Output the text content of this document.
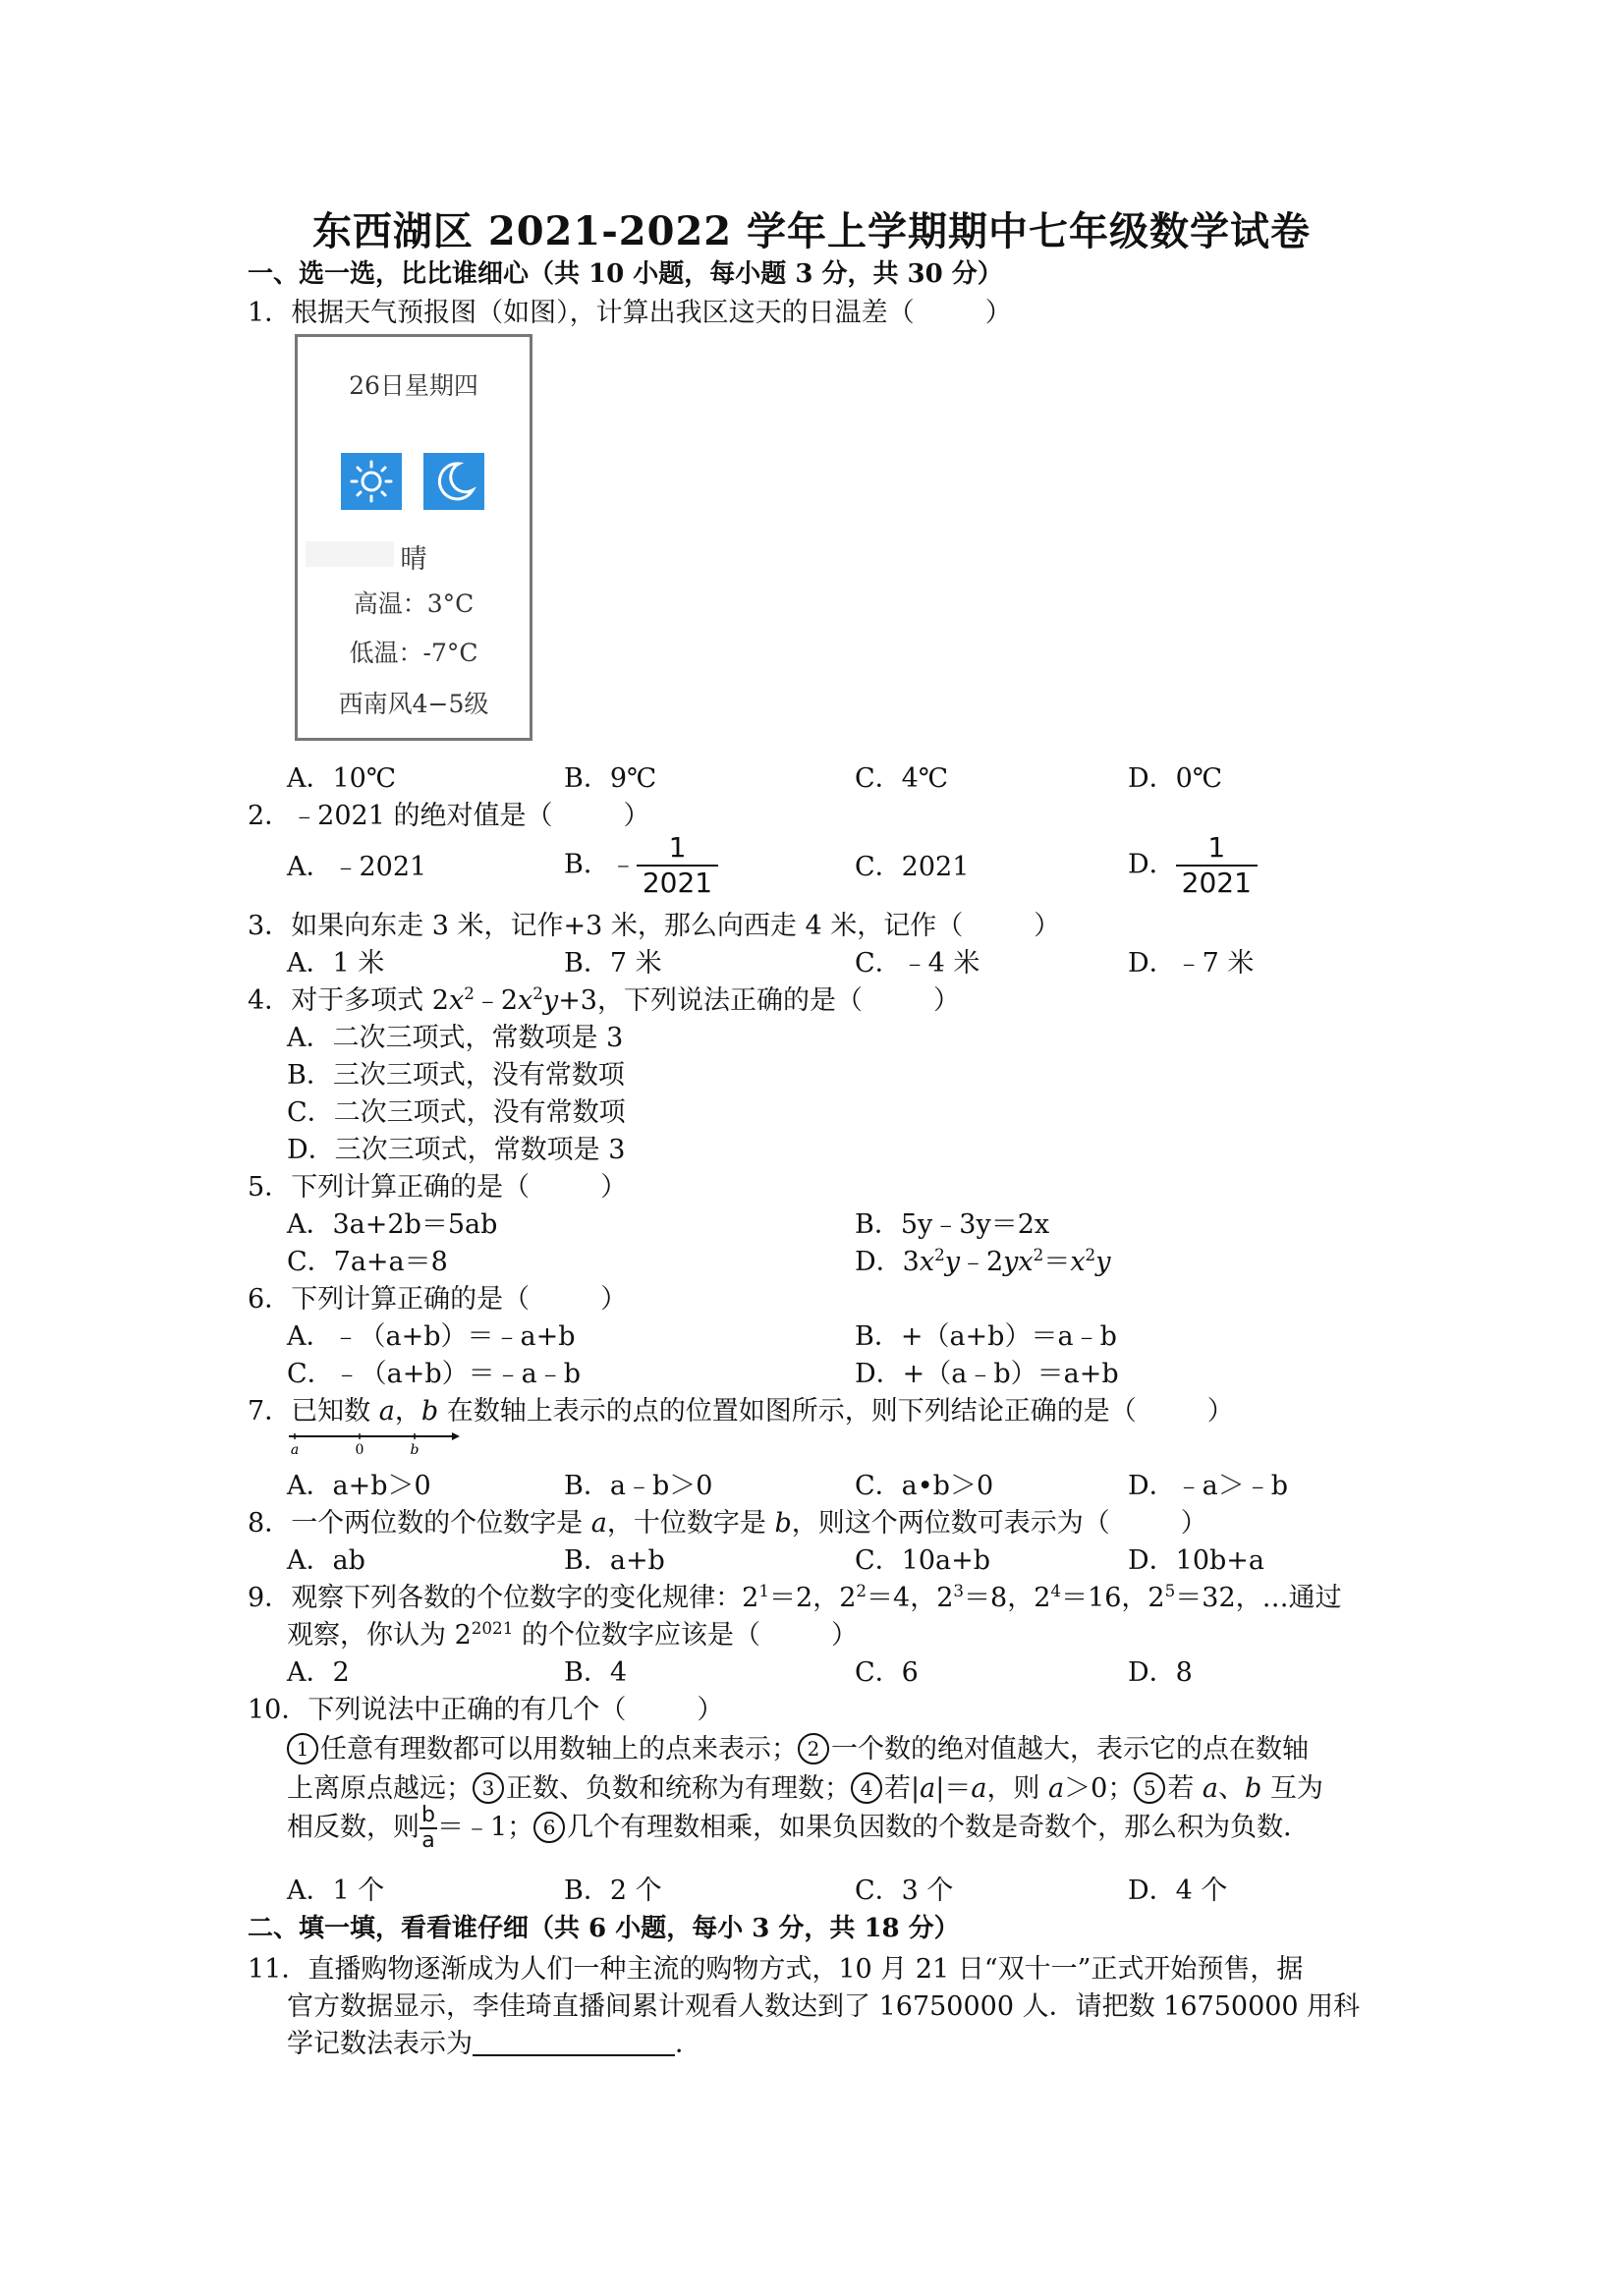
东西湖区 2021-2022 学年上学期期中七年级数学试卷
一、选一选，比比谁细心（共 10 小题，每小题 3 分，共 30 分）
1．根据天气预报图（如图），计算出我区这天的日温差（	）
26日星期四
晴
高温：3°C
低温：-7°C
西南风4−5级
A．10℃	B．9℃	C．4℃	D．0℃
2．﹣2021 的绝对值是（	）
A．﹣2021	B．﹣ $\frac{1}{2021}$	C．2021	D． $\frac{1}{2021}$
3．如果向东走 3 米，记作+3 米，那么向西走 4 米，记作（	）
A．1 米	B．7 米	C．﹣4 米	D．﹣7 米
4．对于多项式 $2x^2﹣2x^2y+3$，下列说法正确的是（	）
A．二次三项式，常数项是 3
B．三次三项式，没有常数项
C．二次三项式，没有常数项
D．三次三项式，常数项是 3
5．下列计算正确的是（	）
A．3a+2b＝5ab	B．5y﹣3y＝2x
C．7a+a＝8	D．$3x^2y﹣2yx^2=x^2y$
6．下列计算正确的是（	）
A．﹣（a+b）＝﹣a+b	B．+（a+b）＝a﹣b
C．﹣（a+b）＝﹣a﹣b	D．+（a﹣b）＝a+b
7．已知数 a，b 在数轴上表示的点的位置如图所示，则下列结论正确的是（	）
a	0	b
A．a+b＞0	B．a﹣b＞0	C．a•b＞0	D．﹣a＞﹣b
8．一个两位数的个位数字是 a，十位数字是 b，则这个两位数可表示为（	）
A．ab	B．a+b	C．10a+b	D．10b+a
9．观察下列各数的个位数字的变化规律：$2^1=2$，$2^2=4$，$2^3=8$，$2^4=16$，$2^5=32$，…通过
观察，你认为 $2^{2021}$ 的个位数字应该是（	）
A．2	B．4	C．6	D．8
10．下列说法中正确的有几个（	）
1 任意有理数都可以用数轴上的点来表示； 2 一个数的绝对值越大，表示它的点在数轴
上离原点越远； 3 正数、负数和统称为有理数； 4 若|a|＝a，则 a＞0； 5 若 a、b 互为
相反数，则 $\frac{b}{a}$ ＝﹣1； 6 几个有理数相乘，如果负因数的个数是奇数个，那么积为负数．
A．1 个	B．2 个	C．3 个	D．4 个
二、填一填，看看谁仔细（共 6 小题，每小 3 分，共 18 分）
11．直播购物逐渐成为人们一种主流的购物方式，10 月 21 日“双十一”正式开始预售，据
官方数据显示，李佳琦直播间累计观看人数达到了 16750000 人．请把数 16750000 用科
学记数法表示为	．
